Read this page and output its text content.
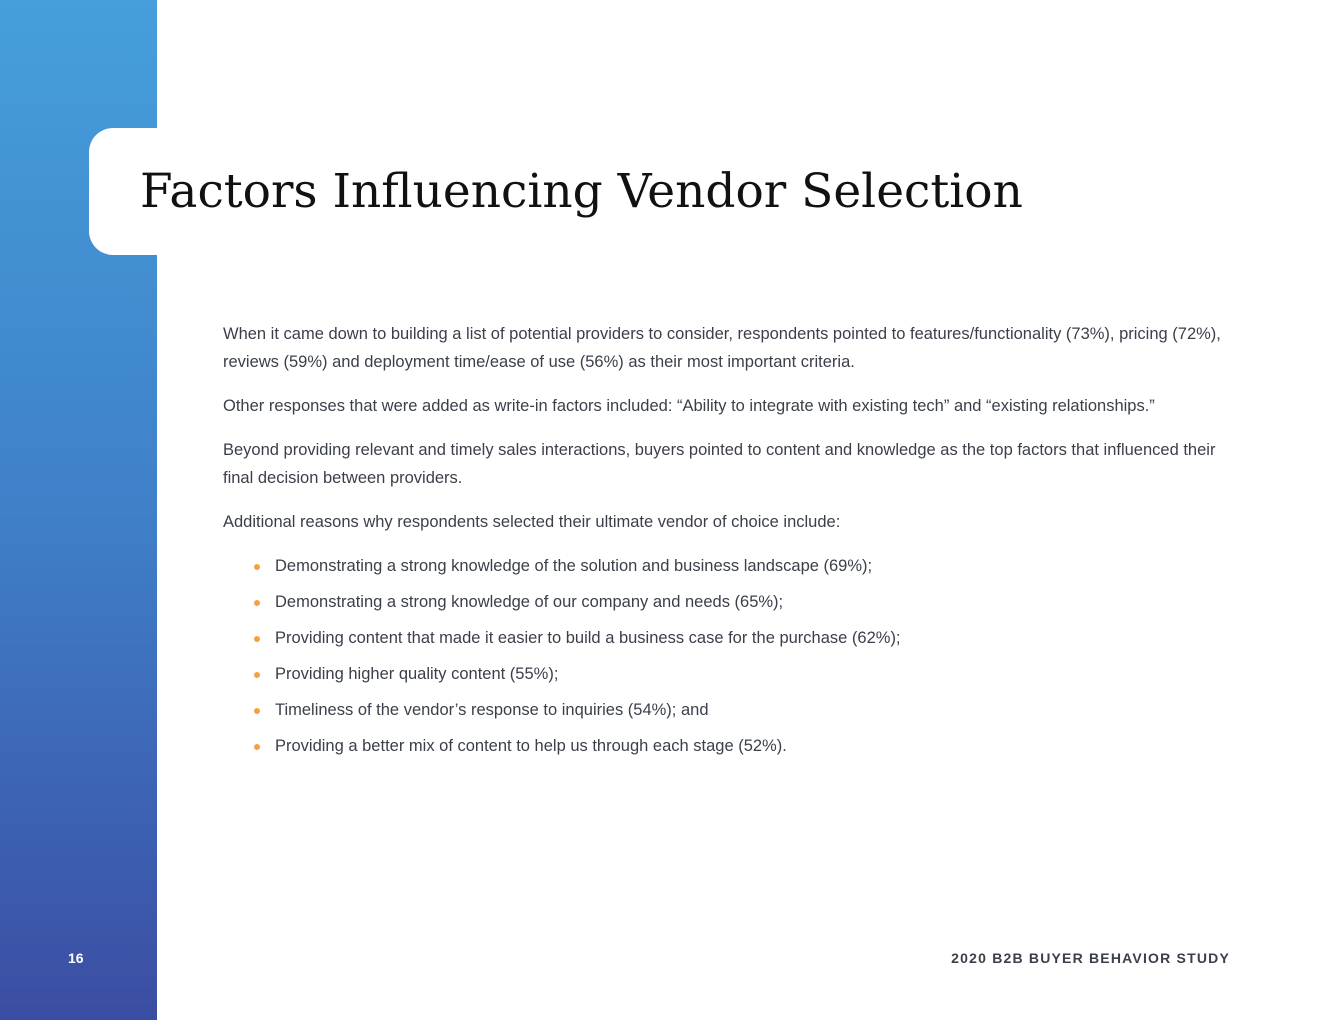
Factors Influencing Vendor Selection

When it came down to building a list of potential providers to consider, respondents pointed to features/functionality (73%), pricing (72%), reviews (59%) and deployment time/ease of use (56%) as their most important criteria.

Other responses that were added as write-in factors included: “Ability to integrate with existing tech” and “existing relationships.”

Beyond providing relevant and timely sales interactions, buyers pointed to content and knowledge as the top factors that influenced their final decision between providers.

Additional reasons why respondents selected their ultimate vendor of choice include:

Demonstrating a strong knowledge of the solution and business landscape (69%);
Demonstrating a strong knowledge of our company and needs (65%);
Providing content that made it easier to build a business case for the purchase (62%);
Providing higher quality content (55%);
Timeliness of the vendor’s response to inquiries (54%); and
Providing a better mix of content to help us through each stage (52%).
16	2020 B2B BUYER BEHAVIOR STUDY
